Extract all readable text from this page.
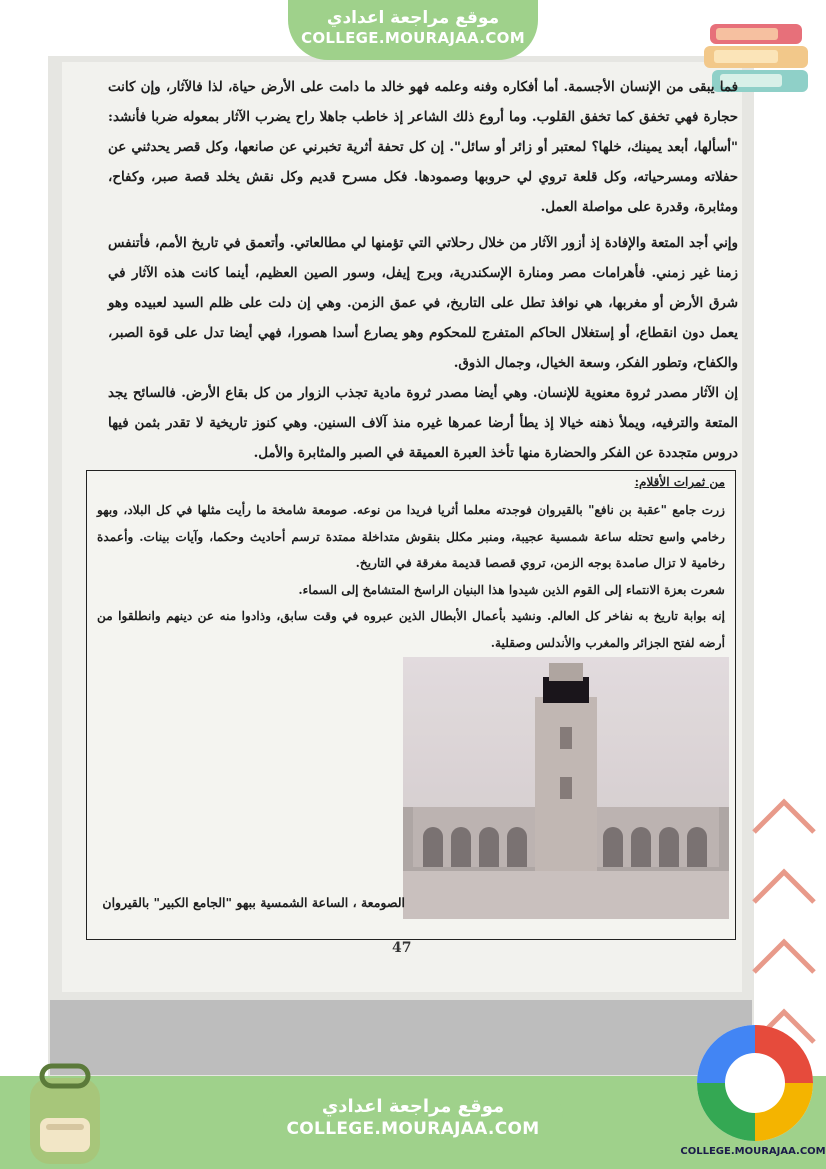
موقع مراجعة اعدادي
COLLEGE.MOURAJAA.COM
فما يبقى من الإنسان الأجسمة. أما أفكاره وفنه وعلمه فهو خالد ما دامت على الأرض حياة، لذا فالآثار، وإن كانت حجارة فهي تخفق كما تخفق القلوب. وما أروع ذلك الشاعر إذ خاطب جاهلا راح يضرب الآثار بمعوله ضربا فأنشد: "أسألها، أبعد يمينك، خلها؟ لمعتبر أو زائر أو سائل". إن كل تحفة أثرية تخبرني عن صانعها، وكل قصر يحدثني عن حفلاته ومسرحياته، وكل قلعة تروي لي حروبها وصمودها. فكل مسرح قديم وكل نقش يخلد قصة صبر، وكفاح، ومثابرة، وقدرة على مواصلة العمل.
وإني أجد المتعة والإفادة إذ أزور الآثار من خلال رحلاتي التي تؤمنها لي مطالعاتي. وأتعمق في تاريخ الأمم، فأتنفس زمنا غير زمني. فأهرامات مصر ومنارة الإسكندرية، وبرج إيفل، وسور الصين العظيم، أينما كانت هذه الآثار في شرق الأرض أو مغربها، هي نوافذ تطل على التاريخ، في عمق الزمن. وهي إن دلت على ظلم السيد لعبيده وهو يعمل دون انقطاع، أو إستغلال الحاكم المتفرج للمحكوم وهو يصارع أسدا هصورا، فهي أيضا تدل على قوة الصبر، والكفاح، وتطور الفكر، وسعة الخيال، وجمال الذوق.
إن الآثار مصدر ثروة معنوية للإنسان. وهي أيضا مصدر ثروة مادية تجذب الزوار من كل بقاع الأرض. فالسائح يجد المتعة والترفيه، ويملأ ذهنه خيالا إذ يطأ أرضا عمرها غيره منذ آلاف السنين. وهي كنوز تاريخية لا تقدر بثمن فيها دروس متجددة عن الفكر والحضارة منها تأخذ العبرة العميقة في الصبر والمثابرة والأمل.
من ثمرات الأقلام:
زرت جامع "عقبة بن نافع" بالقيروان فوجدته معلما أثريا فريدا من نوعه. صومعة شامخة ما رأيت مثلها في كل البلاد، وبهو رخامي واسع تحتله ساعة شمسية عجيبة، ومنبر مكلل بنقوش متداخلة ممتدة ترسم أحاديث وحكما، وآيات بينات. وأعمدة رخامية لا تزال صامدة بوجه الزمن، تروي قصصا قديمة مغرقة في التاريخ.
شعرت بعزة الانتماء إلى القوم الذين شيدوا هذا البنيان الراسخ المتشامخ إلى السماء.
إنه بوابة تاريخ به نفاخر كل العالم. ونشيد بأعمال الأبطال الذين عبروه في وقت سابق، وذادوا منه عن دينهم وانطلقوا من أرضه لفتح الجزائر والمغرب والأندلس وصقلية.
الصومعة ، الساعة الشمسية ببهو "الجامع الكبير" بالقيروان
47
موقع مراجعة اعدادي
COLLEGE.MOURAJAA.COM
COLLEGE.MOURAJAA.COM
